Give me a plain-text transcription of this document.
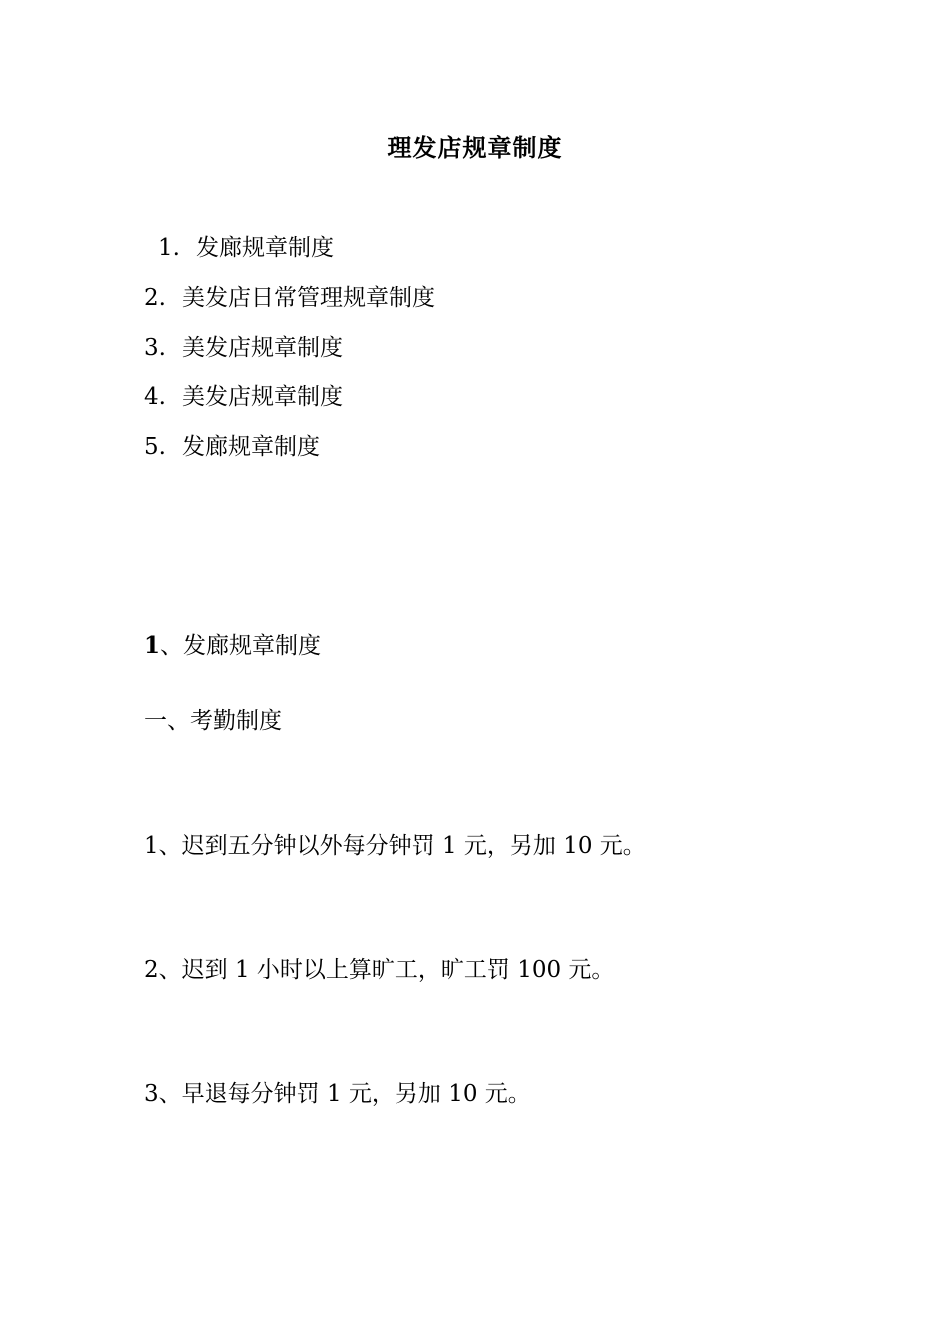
理发店规章制度
1. 发廊规章制度
2. 美发店日常管理规章制度
3. 美发店规章制度
4. 美发店规章制度
5. 发廊规章制度
1、发廊规章制度
一、考勤制度
1、迟到五分钟以外每分钟罚 1 元，另加 10 元。
2、迟到 1 小时以上算旷工，旷工罚 100 元。
3、早退每分钟罚 1 元，另加 10 元。
